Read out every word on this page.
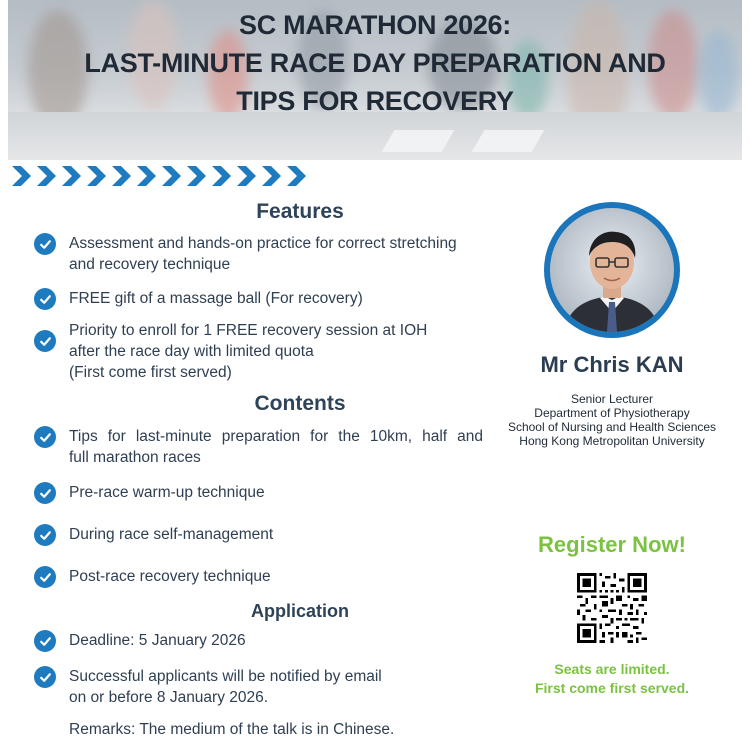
SC MARATHON 2026:
LAST-MINUTE RACE DAY PREPARATION AND
TIPS FOR RECOVERY
Features
Assessment and hands-on practice for correct stretching
and recovery technique
FREE gift of a massage ball (For recovery)
Priority to enroll for 1 FREE recovery session at IOH
after the race day with limited quota
(First come first served)
Contents
Tips for last-minute preparation for the 10km, half and
full marathon races
Pre-race warm-up technique
During race self-management
Post-race recovery technique
Application
Deadline: 5 January 2026
Successful applicants will be notified by email
on or before 8 January 2026.
Remarks: The medium of the talk is in Chinese.
Mr Chris KAN
Senior Lecturer
Department of Physiotherapy
School of Nursing and Health Sciences
Hong Kong Metropolitan University
Register Now!
Seats are limited.
First come first served.
